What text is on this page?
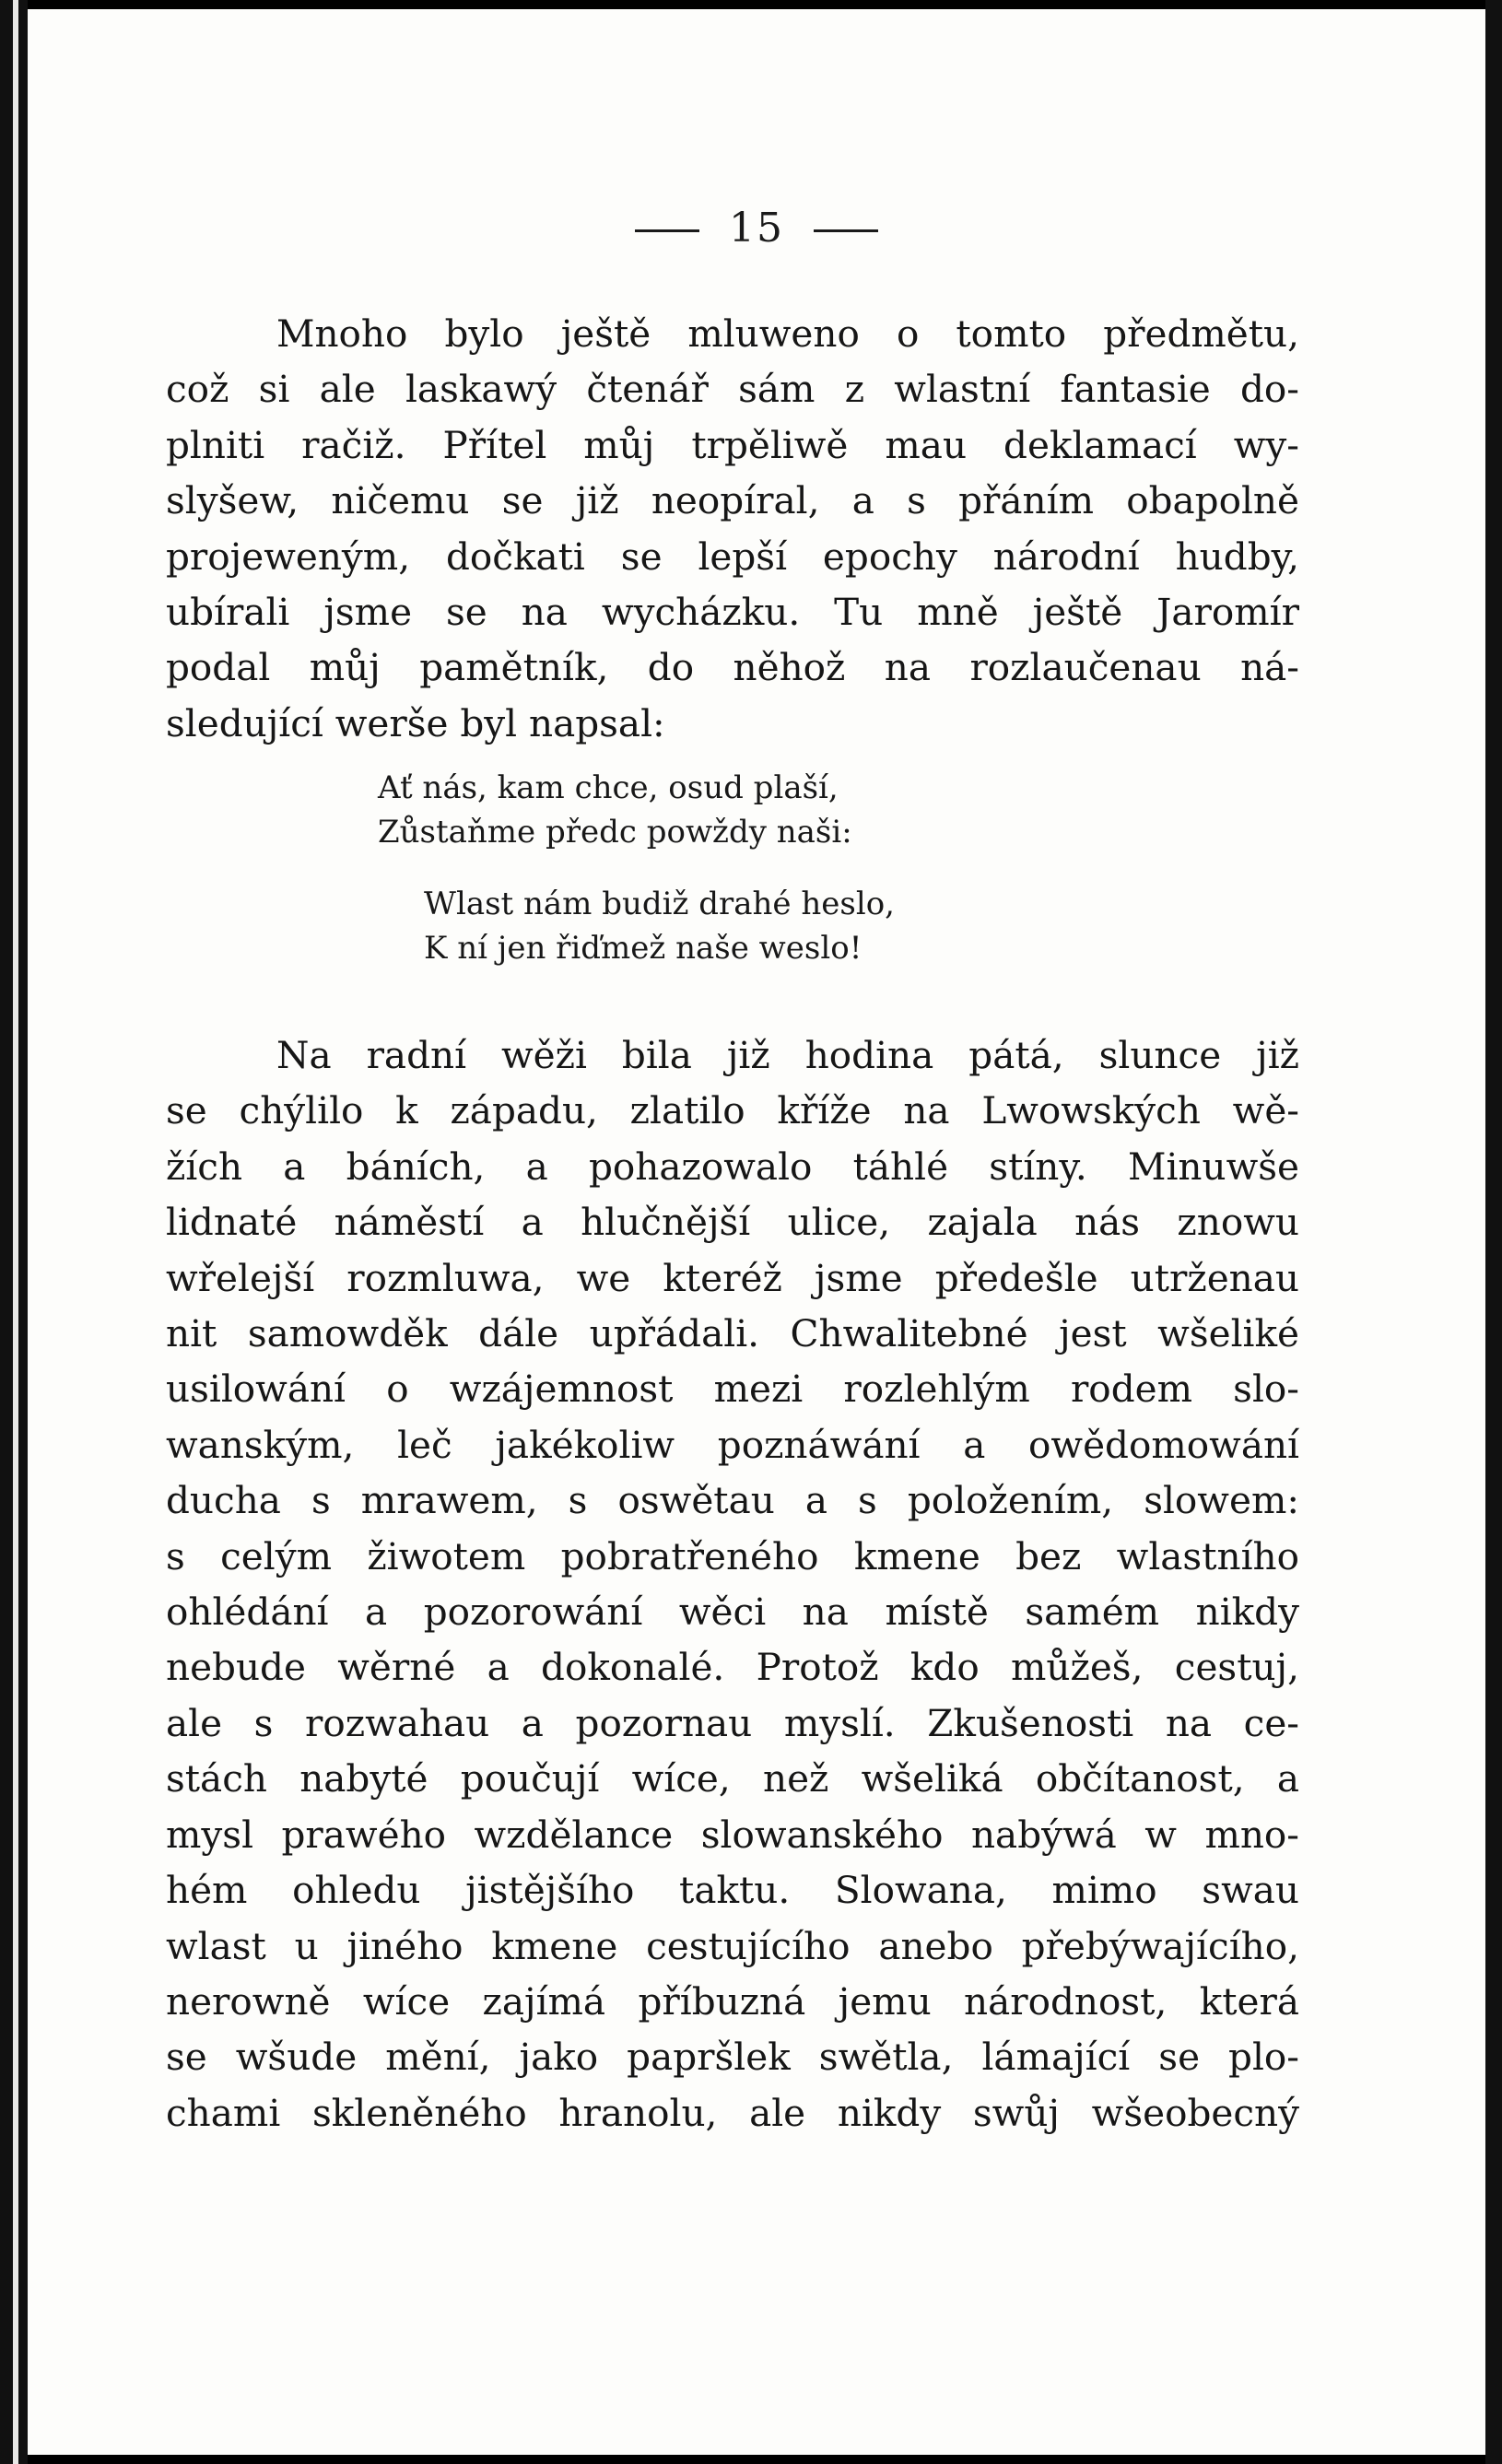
15
Mnoho bylo ještě mluweno o tomto předmětu,
což si ale laskawý čtenář sám z wlastní fantasie do-
plniti račiž. Přítel můj trpěliwě mau deklamací wy-
slyšew, ničemu se již neopíral, a s přáním obapolně
projeweným, dočkati se lepší epochy národní hudby,
ubírali jsme se na wycházku. Tu mně ještě Jaromír
podal můj pamětník, do něhož na rozlaučenau ná-
sledující werše byl napsal:
Ať nás, kam chce, osud plaší,
Zůstaňme předc powždy naši:
Wlast nám budiž drahé heslo,
K ní jen řiďmež naše weslo!
Na radní wěži bila již hodina pátá, slunce již
se chýlilo k západu, zlatilo kříže na Lwowských wě-
žích a báních, a pohazowalo táhlé stíny. Minuwše
lidnaté náměstí a hlučnější ulice, zajala nás znowu
wřelejší rozmluwa, we kteréž jsme předešle utrženau
nit samowděk dále upřádali. Chwalitebné jest wšeliké
usilowání o wzájemnost mezi rozlehlým rodem slo-
wanským, leč jakékoliw poznáwání a owědomowání
ducha s mrawem, s oswětau a s položením, slowem:
s celým žiwotem pobratřeného kmene bez wlastního
ohlédání a pozorowání wěci na místě samém nikdy
nebude wěrné a dokonalé. Protož kdo můžeš, cestuj,
ale s rozwahau a pozornau myslí. Zkušenosti na ce-
stách nabyté poučují wíce, než wšeliká občítanost, a
mysl prawého wzdělance slowanského nabýwá w mno-
hém ohledu jistějšího taktu. Slowana, mimo swau
wlast u jiného kmene cestujícího anebo přebýwajícího,
nerowně wíce zajímá příbuzná jemu národnost, která
se wšude mění, jako papršlek swětla, lámající se plo-
chami skleněného hranolu, ale nikdy swůj wšeobecný
